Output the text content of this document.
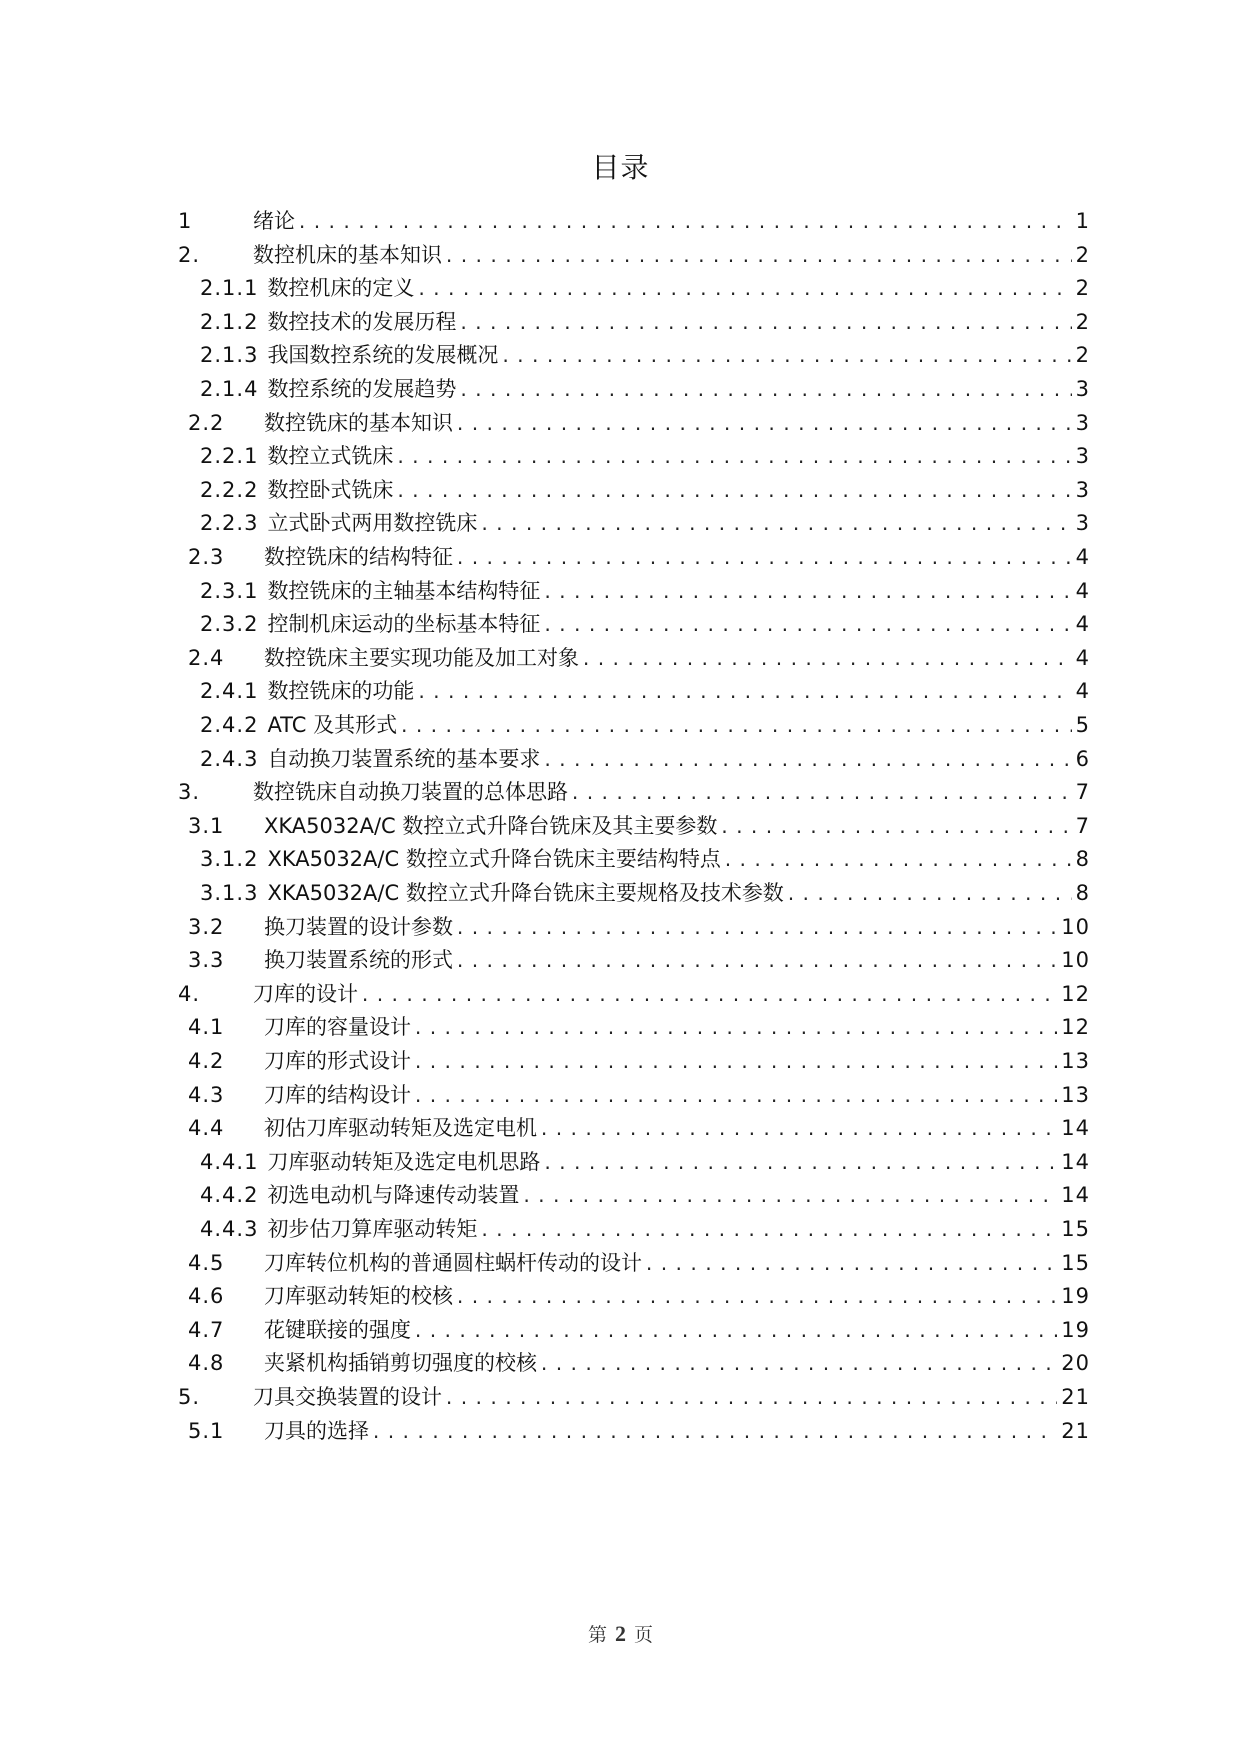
目录
1	绪论 .....	1
2.	数控机床的基本知识 .....	2
2.1.1 数控机床的定义 .....	2
2.1.2 数控技术的发展历程 .....	2
2.1.3 我国数控系统的发展概况 .....	2
2.1.4 数控系统的发展趋势 .....	3
2.2	数控铣床的基本知识 .....	3
2.2.1 数控立式铣床 .....	3
2.2.2 数控卧式铣床 .....	3
2.2.3 立式卧式两用数控铣床 .....	3
2.3	数控铣床的结构特征 .....	4
2.3.1 数控铣床的主轴基本结构特征 .....	4
2.3.2 控制机床运动的坐标基本特征 .....	4
2.4	数控铣床主要实现功能及加工对象 .....	4
2.4.1 数控铣床的功能 .....	4
2.4.2 ATC 及其形式 .....	5
2.4.3 自动换刀装置系统的基本要求 .....	6
3.	数控铣床自动换刀装置的总体思路 .....	7
3.1	XKA5032A/C 数控立式升降台铣床及其主要参数 .....	7
3.1.2 XKA5032A/C 数控立式升降台铣床主要结构特点 .....	8
3.1.3 XKA5032A/C 数控立式升降台铣床主要规格及技术参数 .....	8
3.2	换刀装置的设计参数 .....	10
3.3	换刀装置系统的形式 .....	10
4.	刀库的设计 .....	12
4.1	刀库的容量设计 .....	12
4.2	刀库的形式设计 .....	13
4.3	刀库的结构设计 .....	13
4.4	初估刀库驱动转矩及选定电机 .....	14
4.4.1 刀库驱动转矩及选定电机思路 .....	14
4.4.2 初选电动机与降速传动装置 .....	14
4.4.3 初步估刀算库驱动转矩 .....	15
4.5	刀库转位机构的普通圆柱蜗杆传动的设计 .....	15
4.6	刀库驱动转矩的校核 .....	19
4.7	花键联接的强度 .....	19
4.8	夹紧机构插销剪切强度的校核 .....	20
5.	刀具交换装置的设计 .....	21
5.1	刀具的选择 .....	21
第 2 页
